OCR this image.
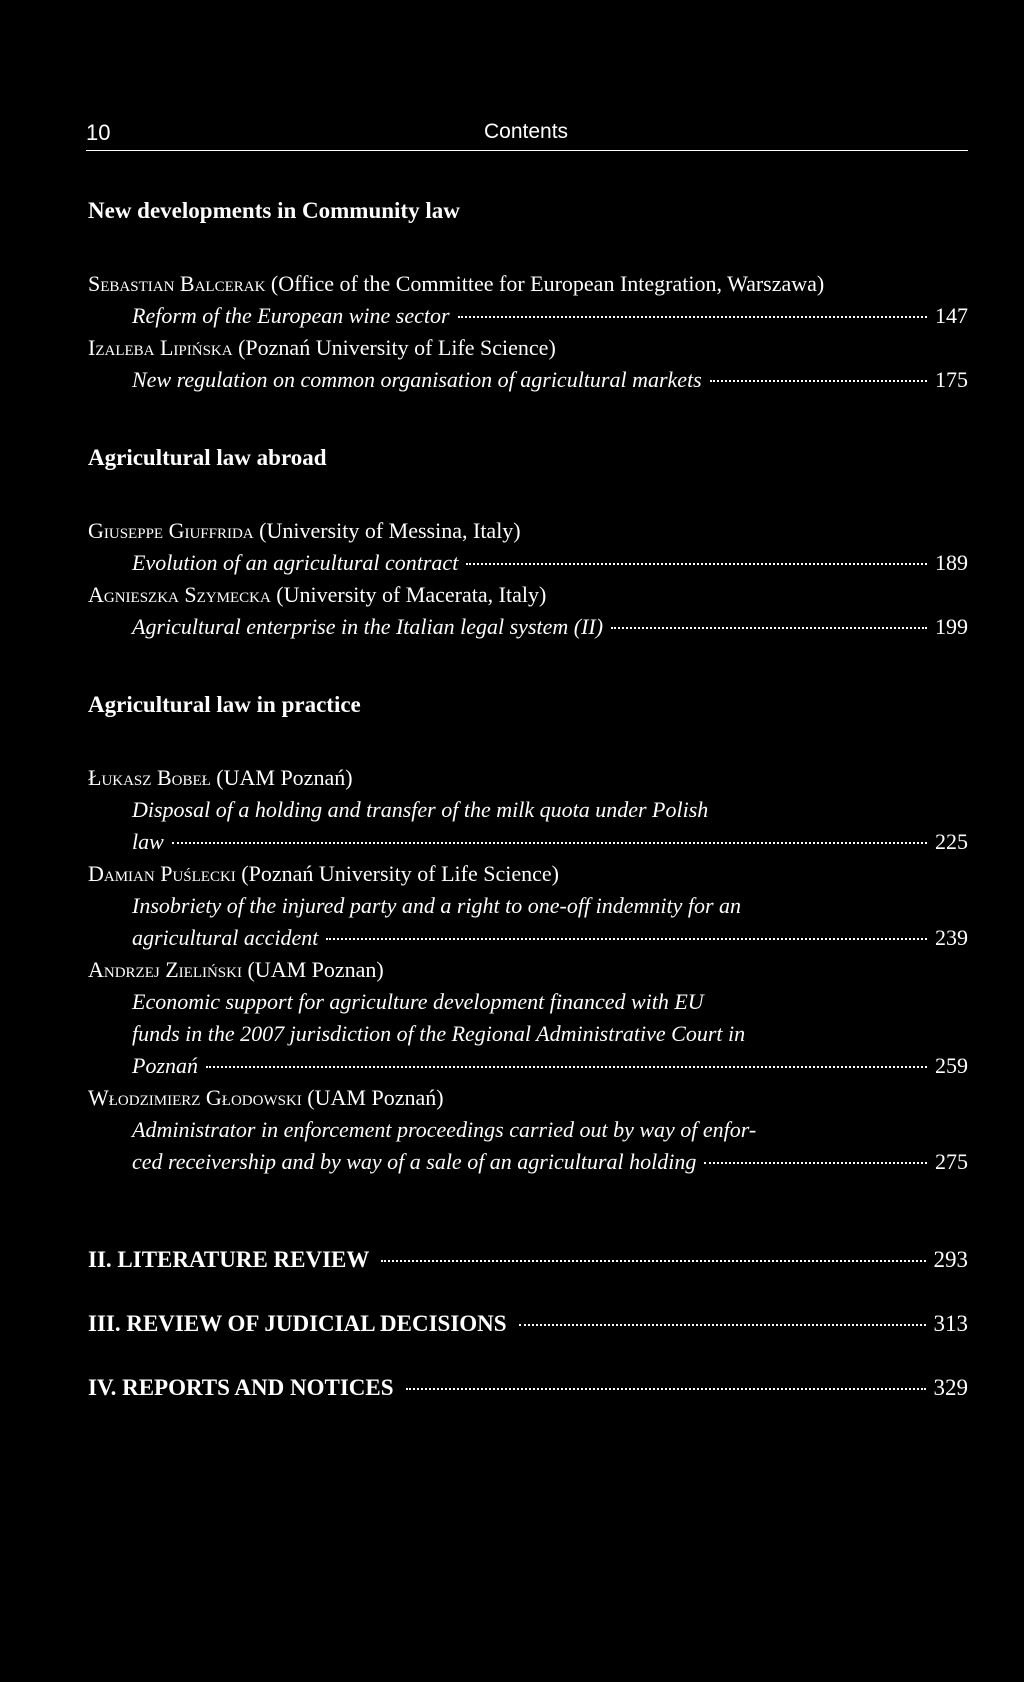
10	Contents
New developments in Community law
Sebastian Balcerak (Office of the Committee for European Integration, Warszawa)
Reform of the European wine sector	147
Izaleba Lipińska (Poznań University of Life Science)
New regulation on common organisation of agricultural markets	175
Agricultural law abroad
Giuseppe Giuffrida (University of Messina, Italy)
Evolution of an agricultural contract	189
Agnieszka Szymecka (University of Macerata, Italy)
Agricultural enterprise in the Italian legal system (II)	199
Agricultural law in practice
Łukasz Bobeł (UAM Poznań)
Disposal of a holding and transfer of the milk quota under Polish
law	225
Damian Puślecki (Poznań University of Life Science)
Insobriety of the injured party and a right to one-off indemnity for an
agricultural accident	239
Andrzej Zieliński (UAM Poznan)
Economic support for agriculture development financed with EU
funds in the 2007 jurisdiction of the Regional Administrative Court in
Poznań	259
Włodzimierz Głodowski (UAM Poznań)
Administrator in enforcement proceedings carried out by way of enfor-
ced receivership and by way of a sale of an agricultural holding	275
II. LITERATURE REVIEW	293
III. REVIEW OF JUDICIAL DECISIONS	313
IV. REPORTS AND NOTICES	329
